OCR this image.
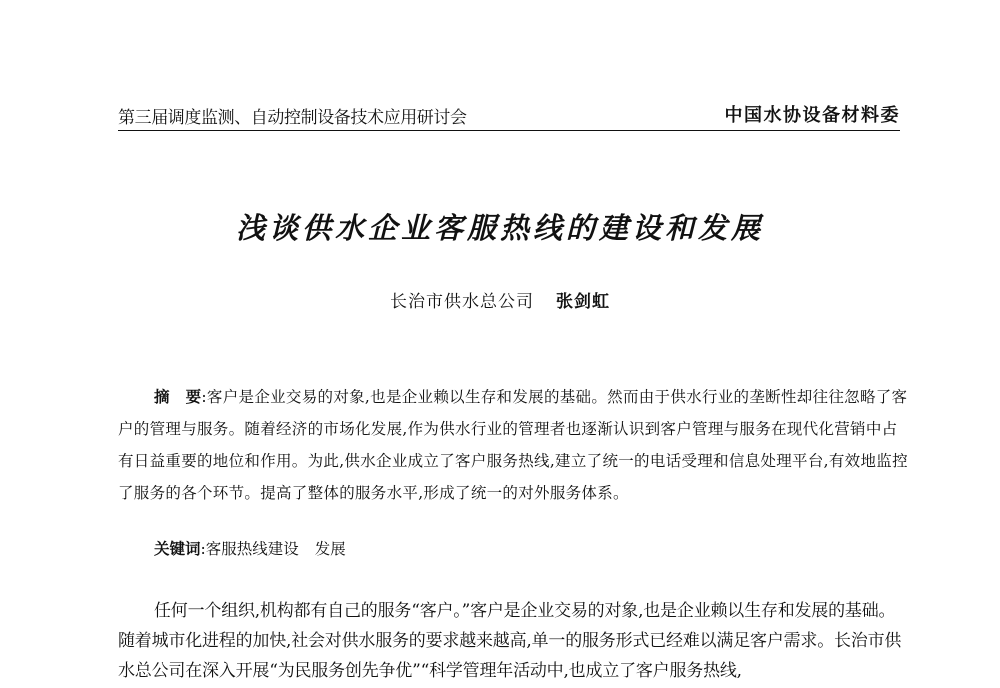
第三届调度监测、自动控制设备技术应用研讨会	中国水协设备材料委
浅谈供水企业客服热线的建设和发展
长治市供水总公司 张剑虹
摘　要:客户是企业交易的对象,也是企业赖以生存和发展的基础。然而由于供水行业的垄断性却往往忽略了客户的管理与服务。随着经济的市场化发展,作为供水行业的管理者也逐渐认识到客户管理与服务在现代化营销中占有日益重要的地位和作用。为此,供水企业成立了客户服务热线,建立了统一的电话受理和信息处理平台,有效地监控了服务的各个环节。提高了整体的服务水平,形成了统一的对外服务体系。
关键词:客服热线建设 发展
任何一个组织,机构都有自己的服务“客户。”客户是企业交易的对象,也是企业赖以生存和发展的基础。随着城市化进程的加快,社会对供水服务的要求越来越高,单一的服务形式已经难以满足客户需求。长治市供水总公司在深入开展“为民服务创先争优”“科学管理年活动中,也成立了客户服务热线,
